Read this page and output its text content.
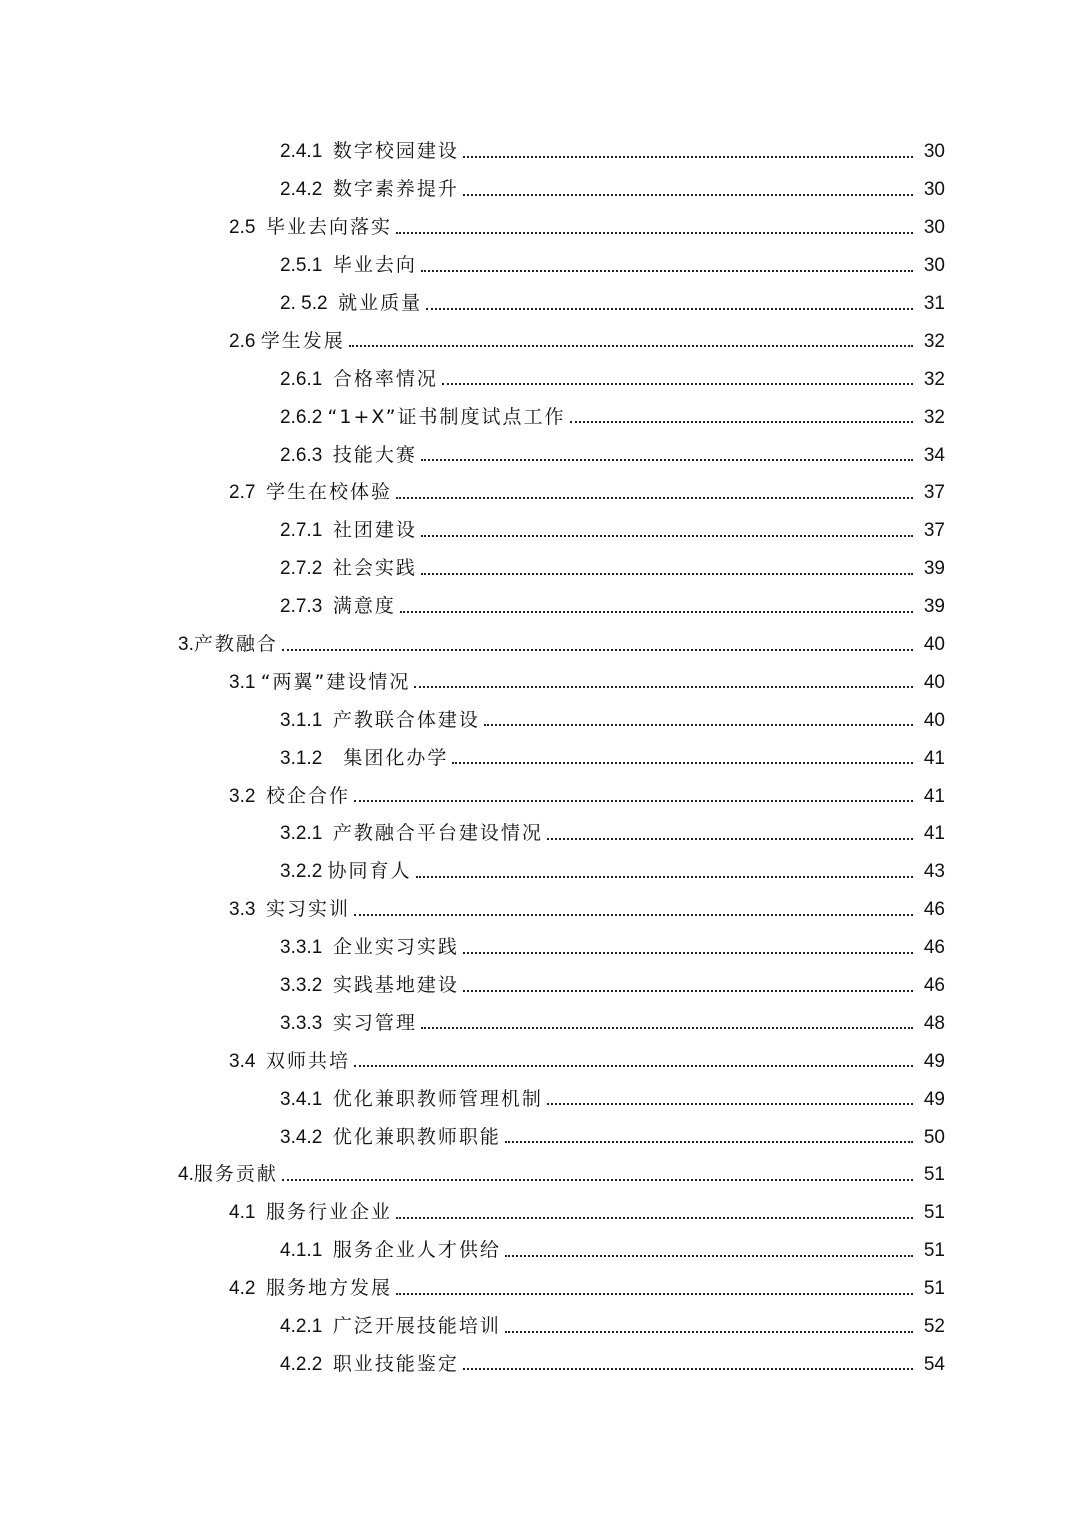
2.4.1 数字校园建设	30
2.4.2 数字素养提升	30
2.5 毕业去向落实	30
2.5.1 毕业去向	30
2. 5.2 就业质量	31
2.6 学生发展	32
2.6.1 合格率情况	32
2.6.2 “1+X”证书制度试点工作	32
2.6.3 技能大赛	34
2.7 学生在校体验	37
2.7.1 社团建设	37
2.7.2 社会实践	39
2.7.3 满意度	39
3. 产教融合	40
3.1 “两翼”建设情况	40
3.1.1 产教联合体建设	40
3.1.2 集团化办学	41
3.2 校企合作	41
3.2.1 产教融合平台建设情况	41
3.2.2 协同育人	43
3.3 实习实训	46
3.3.1 企业实习实践	46
3.3.2 实践基地建设	46
3.3.3 实习管理	48
3.4 双师共培	49
3.4.1 优化兼职教师管理机制	49
3.4.2 优化兼职教师职能	50
4. 服务贡献	51
4.1 服务行业企业	51
4.1.1 服务企业人才供给	51
4.2 服务地方发展	51
4.2.1 广泛开展技能培训	52
4.2.2 职业技能鉴定	54
